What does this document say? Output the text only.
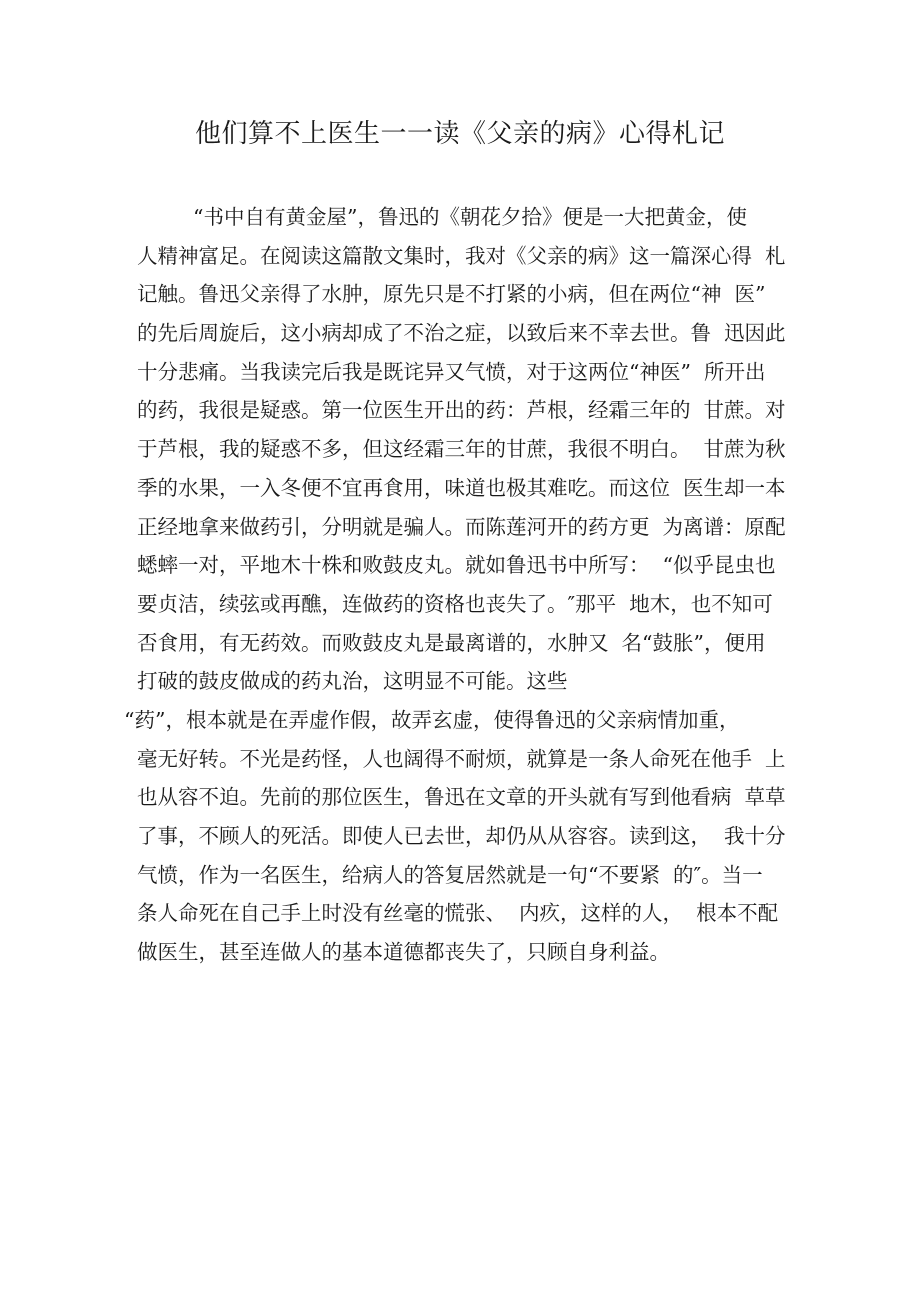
他们算不上医生一一读《父亲的病》心得札记
“书中自有黄金屋”，鲁迅的《朝花夕拾》便是一大把黄金，使
人精神富足。在阅读这篇散文集时，我对《父亲的病》这一篇深心得  札
记触。鲁迅父亲得了水肿，原先只是不打紧的小病，但在两位“神  医”
的先后周旋后，这小病却成了不治之症，以致后来不幸去世。鲁  迅因此
十分悲痛。当我读完后我是既诧异又气愤，对于这两位“神医”  所开出
的药，我很是疑惑。第一位医生开出的药：芦根，经霜三年的  甘蔗。对
于芦根，我的疑惑不多，但这经霜三年的甘蔗，我很不明白。  甘蔗为秋
季的水果，一入冬便不宜再食用，味道也极其难吃。而这位  医生却一本
正经地拿来做药引，分明就是骗人。而陈莲河开的药方更  为离谱：原配
蟋蟀一对，平地木十株和败鼓皮丸。就如鲁迅书中所写：  “似乎昆虫也
要贞洁，续弦或再醮，连做药的资格也丧失了。″那平  地木，也不知可
否食用，有无药效。而败鼓皮丸是最离谱的，水肿又  名“鼓胀”，便用
打破的鼓皮做成的药丸治，这明显不可能。这些
“药”，根本就是在弄虚作假，故弄玄虚，使得鲁迅的父亲病情加重，
毫无好转。不光是药怪，人也阔得不耐烦，就算是一条人命死在他手  上
也从容不迫。先前的那位医生，鲁迅在文章的开头就有写到他看病  草草
了事，不顾人的死活。即使人已去世，却仍从从容容。读到这，  我十分
气愤，作为一名医生，给病人的答复居然就是一句“不要紧  的″。当一
条人命死在自己手上时没有丝毫的慌张、  内疚，这样的人，  根本不配
做医生，甚至连做人的基本道德都丧失了，只顾自身利益。
